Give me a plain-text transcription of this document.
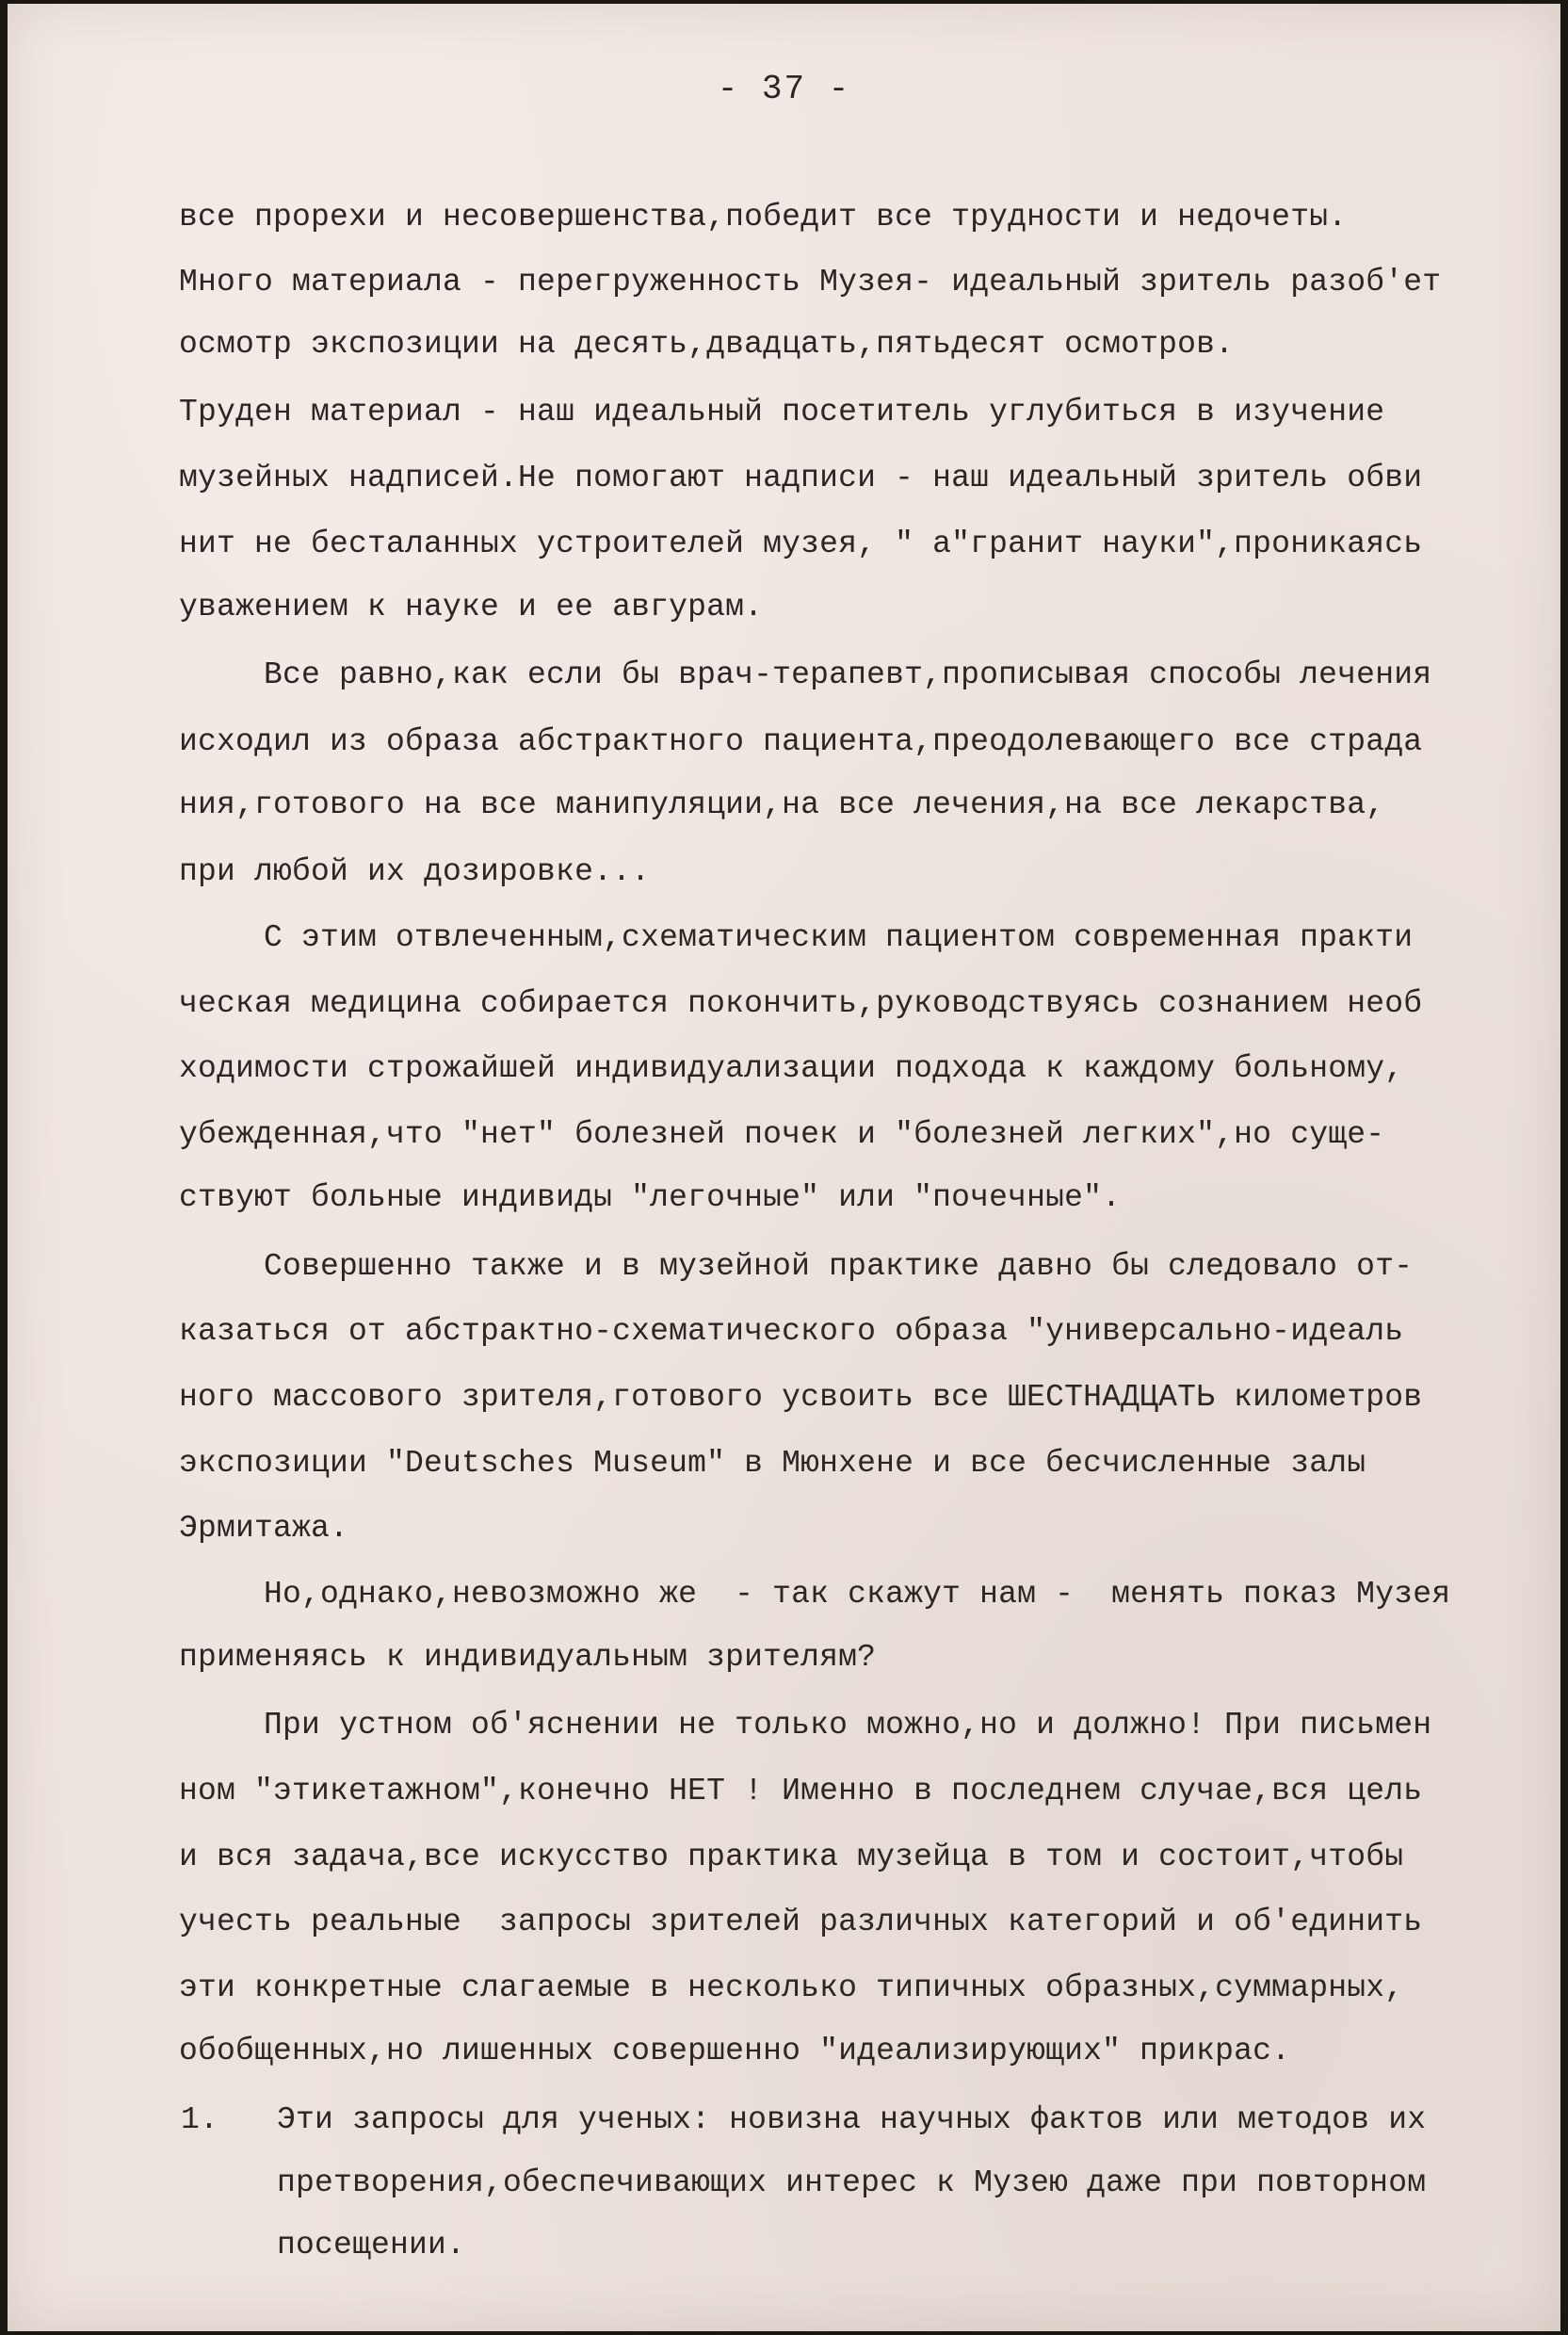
- 37 -
все прорехи и несовершенства,победит все трудности и недочеты.
Много материала - перегруженность Музея- идеальный зритель разоб'ет
осмотр экспозиции на десять,двадцать,пятьдесят осмотров.
Труден материал - наш идеальный посетитель углубиться в изучение
музейных надписей.Не помогают надписи - наш идеальный зритель обви
нит не бесталанных устроителей музея, " а"гранит науки",проникаясь
уважением к науке и ее авгурам.
Все равно,как если бы врач-терапевт,прописывая способы лечения
исходил из образа абстрактного пациента,преодолевающего все страда
ния,готового на все манипуляции,на все лечения,на все лекарства,
при любой их дозировке...
С этим отвлеченным,схематическим пациентом современная практи
ческая медицина собирается покончить,руководствуясь сознанием необ
ходимости строжайшей индивидуализации подхода к каждому больному,
убежденная,что "нет" болезней почек и "болезней легких",но суще-
ствуют больные индивиды "легочные" или "почечные".
Совершенно также и в музейной практике давно бы следовало от-
казаться от абстрактно-схематического образа "универсально-идеаль
ного массового зрителя,готового усвоить все ШЕСТНАДЦАТЬ километров
экспозиции "Deutsches Museum" в Мюнхене и все бесчисленные залы
Эрмитажа.
Но,однако,невозможно же  - так скажут нам -  менять показ Музея
применяясь к индивидуальным зрителям?
При устном об'яснении не только можно,но и должно! При письмен
ном "этикетажном",конечно НЕТ ! Именно в последнем случае,вся цель
и вся задача,все искусство практика музейца в том и состоит,чтобы
учесть реальные  запросы зрителей различных категорий и об'единить
эти конкретные слагаемые в несколько типичных образных,суммарных,
обобщенных,но лишенных совершенно "идеализирующих" прикрас.
1. Эти запросы для ученых: новизна научных фактов или методов их
претворения,обеспечивающих интерес к Музею даже при повторном
посещении.
